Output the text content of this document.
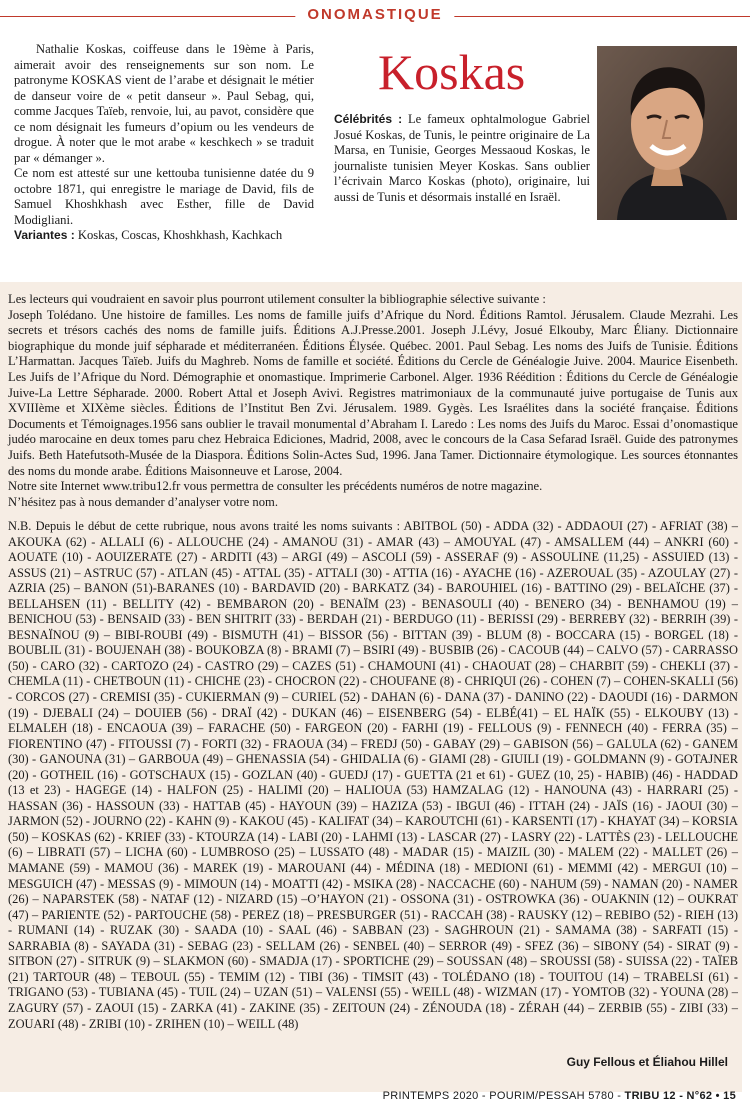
ONOMASTIQUE

Nathalie Koskas, coiffeuse dans le 19ème à Paris, aimerait avoir des renseignements sur son nom. Le patronyme KOSKAS vient de l’arabe et désignait le métier de danseur voire de « petit danseur ». Paul Sebag, qui, comme Jacques Taïeb, renvoie, lui, au pavot, considère que ce nom désignait les fumeurs d’opium ou les vendeurs de drogue. À noter que le mot arabe « keschkech » se traduit par « démanger ».

Ce nom est attesté sur une kettouba tunisienne datée du 9 octobre 1871, qui enregistre le mariage de David, fils de Samuel Khoshkhash avec Esther, fille de David Modigliani.

Variantes : Koskas, Coscas, Khoshkhash, Kachkach

Koskas
Célébrités : Le fameux ophtalmologue Gabriel Josué Koskas, de Tunis, le peintre originaire de La Marsa, en Tunisie, Georges Messaoud Koskas, le journaliste tunisien Meyer Koskas. Sans oublier l’écrivain Marco Koskas (photo), originaire, lui aussi de Tunis et désormais installé en Israël.

Les lecteurs qui voudraient en savoir plus pourront utilement consulter la bibliographie sélective suivante :

Joseph Tolédano. Une histoire de familles. Les noms de famille juifs d’Afrique du Nord. Éditions Ramtol. Jérusalem. Claude Mezrahi. Les secrets et trésors cachés des noms de famille juifs. Éditions A.J.Presse.2001. Joseph J.Lévy, Josué Elkouby, Marc Éliany. Dictionnaire biographique du monde juif sépharade et méditerranéen. Éditions Élysée. Québec. 2001. Paul Sebag. Les noms des Juifs de Tunisie. Éditions L’Harmattan. Jacques Taïeb. Juifs du Maghreb. Noms de famille et société. Éditions du Cercle de Généalogie Juive. 2004. Maurice Eisenbeth. Les Juifs de l’Afrique du Nord. Démographie et onomastique. Imprimerie Carbonel. Alger. 1936 Réédition : Éditions du Cercle de Généalogie Juive-La Lettre Sépharade. 2000. Robert Attal et Joseph Avivi. Registres matrimoniaux de la communauté juive portugaise de Tunis aux XVIIIème et XIXème siècles. Éditions de l’Institut Ben Zvi. Jérusalem. 1989. Gygès. Les Israélites dans la société française. Éditions Documents et Témoignages.1956 sans oublier le travail monumental d’Abraham I. Laredo : Les noms des Juifs du Maroc. Essai d’onomastique judéo marocaine en deux tomes paru chez Hebraica Ediciones, Madrid, 2008, avec le concours de la Casa Sefarad Israël. Guide des patronymes Juifs. Beth Hatefutsoth-Musée de la Diaspora. Éditions Solin-Actes Sud, 1996. Jana Tamer. Dictionnaire étymologique. Les sources étonnantes des noms du monde arabe. Éditions Maisonneuve et Larose, 2004.

Notre site Internet www.tribu12.fr vous permettra de consulter les précédents numéros de notre magazine.

N’hésitez pas à nous demander d’analyser votre nom.

N.B. Depuis le début de cette rubrique, nous avons traité les noms suivants : ABITBOL (50) - ADDA (32) - ADDAOUI (27) - AFRIAT (38) – AKOUKA (62) - ALLALI (6) - ALLOUCHE (24) - AMANOU (31) - AMAR (43) – AMOUYAL (47) - AMSALLEM (44) – ANKRI (60) - AOUATE (10) - AOUIZERATE (27) - ARDITI (43) – ARGI (49) – ASCOLI (59) - ASSERAF (9) - ASSOULINE (11,25) - ASSUIED (13) - ASSUS (21) – ASTRUC (57) - ATLAN (45) - ATTAL (35) - ATTALI (30) - ATTIA (16) - AYACHE (16) - AZEROUAL (35) - AZOULAY (27) - AZRIA (25) – BANON (51)-BARANES (10) - BARDAVID (20) - BARKATZ (34) - BAROUHIEL (16) - BATTINO (29) - BELAÏCHE (37) - BELLAHSEN (11) - BELLITY (42) - BEMBARON (20) - BENAÏM (23) - BENASOULI (40) - BENERO (34) - BENHAMOU (19) – BENICHOU (53) - BENSAID (33) - BEN SHITRIT (33) - BERDAH (21) - BERDUGO (11) - BERISSI (29) - BERREBY (32) - BERRIH (39) - BESNAÏNOU (9) – BIBI-ROUBI (49) - BISMUTH (41) – BISSOR (56) - BITTAN (39) - BLUM (8) - BOCCARA (15) - BORGEL (18) - BOUBLIL (31) - BOUJENAH (38) - BOUKOBZA (8) - BRAMI (7) – BSIRI (49) - BUSBIB (26) - CACOUB (44) – CALVO (57) - CARRASSO (50) - CARO (32) - CARTOZO (24) - CASTRO (29) – CAZES (51) - CHAMOUNI (41) - CHAOUAT (28) – CHARBIT (59) - CHEKLI (37) - CHEMLA (11) - CHETBOUN (11) - CHICHE (23) - CHOCRON (22) - CHOUFANE (8) - CHRIQUI (26) - COHEN (7) – COHEN-SKALLI (56) - CORCOS (27) - CREMISI (35) - CUKIERMAN (9) – CURIEL (52) - DAHAN (6) - DANA (37) - DANINO (22) - DAOUDI (16) - DARMON (19) - DJEBALI (24) – DOUIEB (56) - DRAÏ (42) - DUKAN (46) – EISENBERG (54) - ELBÉ(41) – EL HAÏK (55) - ELKOUBY (13) - ELMALEH (18) - ENCAOUA (39) – FARACHE (50) - FARGEON (20) - FARHI (19) - FELLOUS (9) - FENNECH (40) - FERRA (35) – FIORENTINO (47) - FITOUSSI (7) - FORTI (32) - FRAOUA (34) – FREDJ (50) - GABAY (29) – GABISON (56) – GALULA (62) - GANEM (30) - GANOUNA (31) – GARBOUA (49) – GHENASSIA (54) - GHIDALIA (6) - GIAMI (28) - GIUILI (19) - GOLDMANN (9) - GOTAJNER (20) - GOTHEIL (16) - GOTSCHAUX (15) - GOZLAN (40) - GUEDJ (17) - GUETTA (21 et 61) - GUEZ (10, 25) - HABIB) (46) - HADDAD (13 et 23) - HAGEGE (14) - HALFON (25) - HALIMI (20) – HALIOUA (53) HAMZALAG (12) - HANOUNA (43) - HARRARI (25) - HASSAN (36) - HASSOUN (33) - HATTAB (45) - HAYOUN (39) – HAZIZA (53) - IBGUI (46) - ITTAH (24) - JAÏS (16) - JAOUI (30) – JARMON (52) - JOURNO (22) - KAHN (9) - KAKOU (45) - KALIFAT (34) – KAROUTCHI (61) - KARSENTI (17) - KHAYAT (34) – KORSIA (50) – KOSKAS (62) - KRIEF (33) - KTOURZA (14) - LABI (20) - LAHMI (13) - LASCAR (27) - LASRY (22) - LATTÈS (23) - LELLOUCHE (6) – LIBRATI (57) – LICHA (60) - LUMBROSO (25) – LUSSATO (48) - MADAR (15) - MAIZIL (30) - MALEM (22) - MALLET (26) – MAMANE (59) - MAMOU (36) - MAREK (19) - MAROUANI (44) - MÉDINA (18) - MEDIONI (61) - MEMMI (42) - MERGUI (10) – MESGUICH (47) - MESSAS (9) - MIMOUN (14) - MOATTI (42) - MSIKA (28) - NACCACHE (60) - NAHUM (59) - NAMAN (20) - NAMER (26) – NAPARSTEK (58) - NATAF (12) - NIZARD (15) –O’HAYON (21) - OSSONA (31) - OSTROWKA (36) - OUAKNIN (12) – OUKRAT (47) – PARIENTE (52) - PARTOUCHE (58) - PEREZ (18) – PRESBURGER (51) - RACCAH (38) - RAUSKY (12) – REBIBO (52) - RIEH (13) - RUMANI (14) - RUZAK (30) - SAADA (10) - SAAL (46) - SABBAN (23) - SAGHROUN (21) - SAMAMA (38) - SARFATI (15) - SARRABIA (8) - SAYADA (31) - SEBAG (23) - SELLAM (26) - SENBEL (40) – SERROR (49) - SFEZ (36) – SIBONY (54) - SIRAT (9) - SITBON (27) - SITRUK (9) – SLAKMON (60) - SMADJA (17) - SPORTICHE (29) – SOUSSAN (48) – SROUSSI (58) - SUISSA (22) - TAÏEB (21) TARTOUR (48) – TEBOUL (55) - TEMIM (12) - TIBI (36) - TIMSIT (43) - TOLÉDANO (18) - TOUITOU (14) – TRABELSI (61) - TRIGANO (53) - TUBIANA (45) - TUIL (24) – UZAN (51) – VALENSI (55) - WEILL (48) - WIZMAN (17) - YOMTOB (32) - YOUNA (28) – ZAGURY (57) - ZAOUI (15) - ZARKA (41) - ZAKINE (35) - ZEITOUN (24) - ZÉNOUDA (18) - ZÉRAH (44) – ZERBIB (55) - ZIBI (33) – ZOUARI (48) - ZRIBI (10) - ZRIHEN (10) – WEILL (48)
Guy Fellous et Éliahou Hillel
PRINTEMPS 2020 - POURIM/PESSAH 5780 - TRIBU 12 - N°62 • 15
